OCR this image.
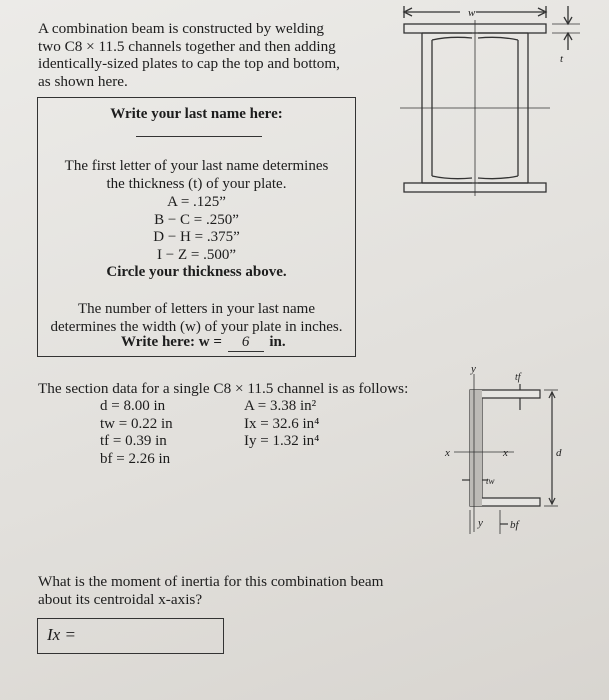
A combination beam is constructed by welding
two C8 × 11.5 channels together and then adding
identically-sized plates to cap the top and bottom,
as shown here.
Write your last name here:
The first letter of your last name determines
the thickness (t) of your plate.
A = .125”
B − C = .250”
D − H = .375”
I − Z = .500”
Circle your thickness above.
The number of letters in your last name
determines the width (w) of your plate in inches.
Write here: w = 6 in.
w
t
The section data for a single C8 × 11.5 channel is as follows:
d = 8.00 in
tw = 0.22 in
tf = 0.39 in
bf = 2.26 in
A = 3.38 in²
Ix = 32.6 in⁴
Iy = 1.32 in⁴
y
y
x	x
tf
tw
d
bf
What is the moment of inertia for this combination beam
about its centroidal x-axis?
Ix =
